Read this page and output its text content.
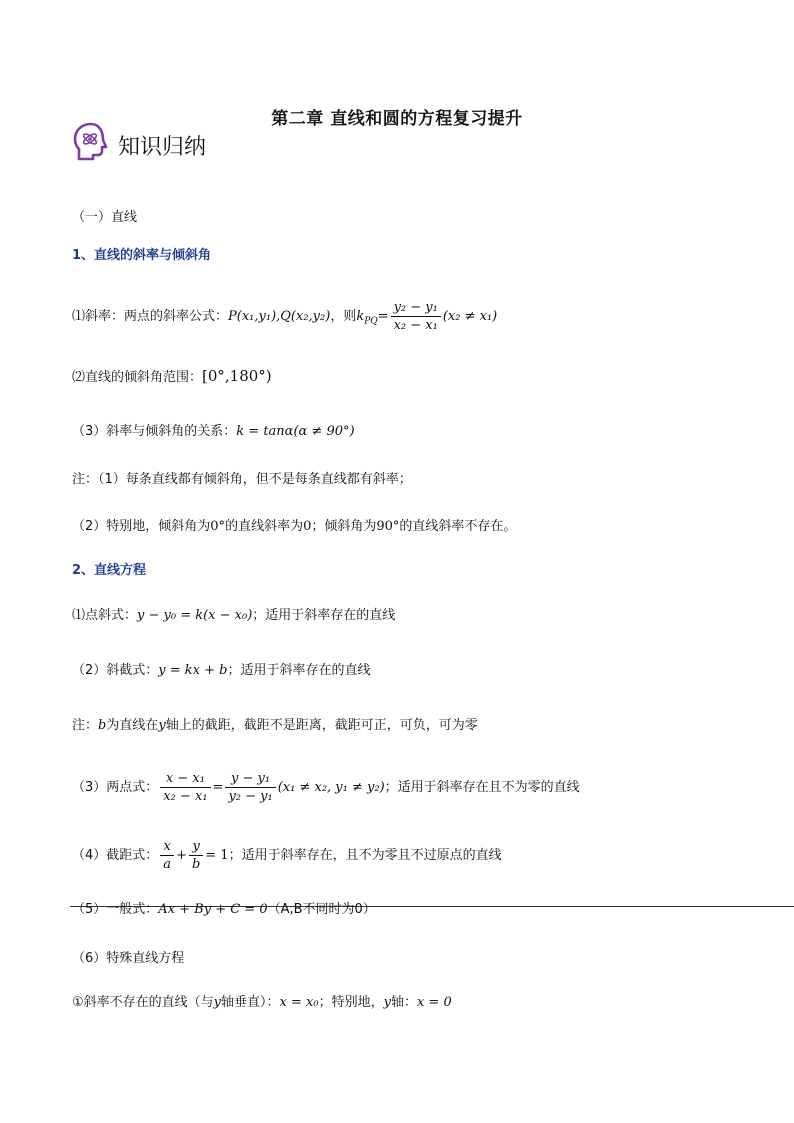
第二章 直线和圆的方程复习提升
知识归纳
（一）直线
1、直线的斜率与倾斜角
⑴斜率：两点的斜率公式：P(x₁,y₁),Q(x₂,y₂)，则$k_{PQ}= \frac{\text{y₂ − y₁}}{\text{x₂ − x₁}} (x_2 \ne x_1)$
⑵直线的倾斜角范围：[0°,180°)
（3）斜率与倾斜角的关系：k = tanα(α ≠ 90°)
注：（1）每条直线都有倾斜角，但不是每条直线都有斜率；
（2）特别地，倾斜角为0°的直线斜率为0；倾斜角为90°的直线斜率不存在。
2、直线方程
⑴点斜式：y − y₀ = k(x − x₀)；适用于斜率存在的直线
（2）斜截式：y = kx + b；适用于斜率存在的直线
注：b为直线在y轴上的截距，截距不是距离，截距可正，可负，可为零
（3）两点式： $\frac{\text{x − x₁}}{\text{x₂ − x₁}} = \frac{\text{y − y₁}}{\text{y₂ − y₁}} (x_1 \ne x_2$, y₁ ≠ y₂)；适用于斜率存在且不为零的直线
（4）截距式： $\frac{x}{a} + \frac{y}{b} = 1$；适用于斜率存在，且不为零且不过原点的直线
（5）一般式：Ax + By + C = 0（A,B不同时为0）
（6）特殊直线方程
①斜率不存在的直线（与y轴垂直）：x = x₀；特别地，y轴：x = 0
